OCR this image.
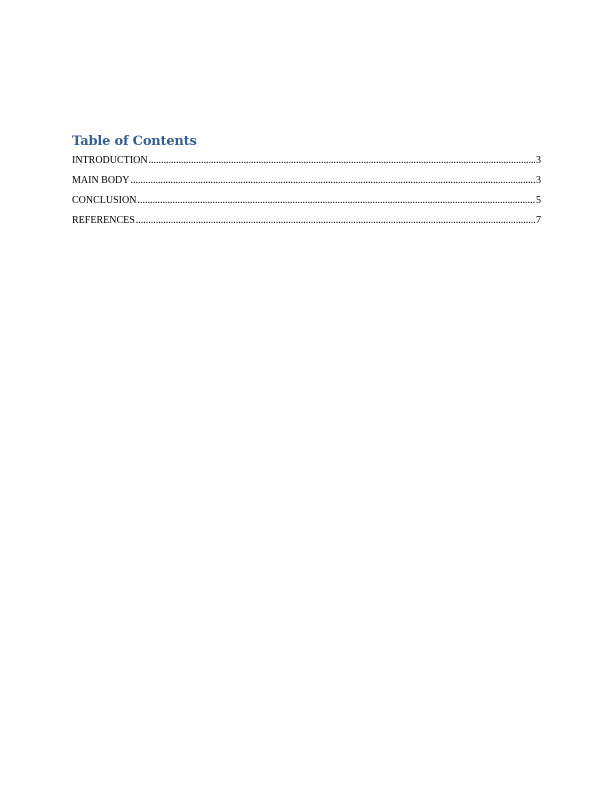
Table of Contents
INTRODUCTION .....	3
MAIN BODY .....	3
CONCLUSION .....	5
REFERENCES .....	7
